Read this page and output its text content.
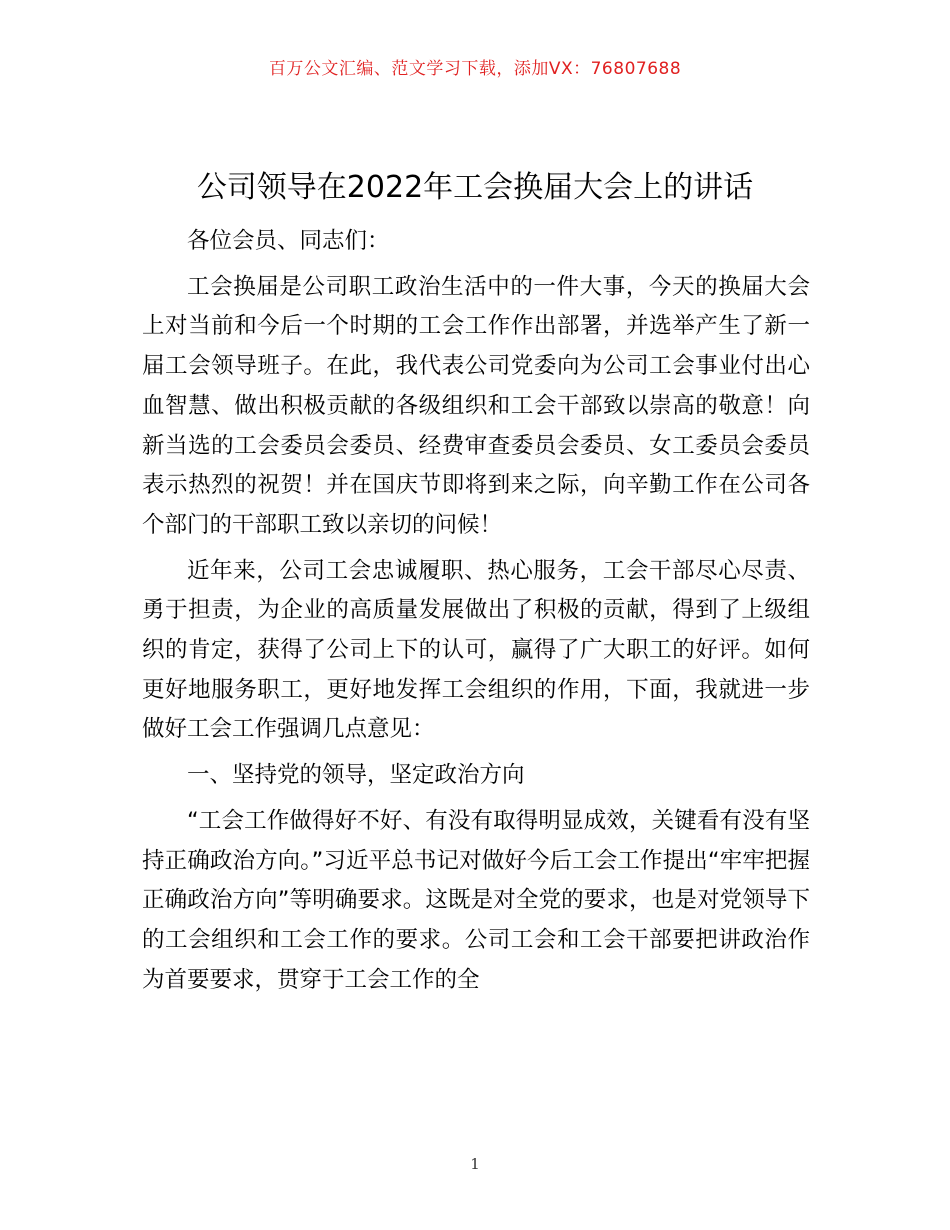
百万公文汇编、范文学习下载，添加VX：76807688
公司领导在2022年工会换届大会上的讲话

各位会员、同志们：

工会换届是公司职工政治生活中的一件大事，今天的换届大会上对当前和今后一个时期的工会工作作出部署，并选举产生了新一届工会领导班子。在此，我代表公司党委向为公司工会事业付出心血智慧、做出积极贡献的各级组织和工会干部致以崇高的敬意！向新当选的工会委员会委员、经费审查委员会委员、女工委员会委员表示热烈的祝贺！并在国庆节即将到来之际，向辛勤工作在公司各个部门的干部职工致以亲切的问候！

近年来，公司工会忠诚履职、热心服务，工会干部尽心尽责、勇于担责，为企业的高质量发展做出了积极的贡献，得到了上级组织的肯定，获得了公司上下的认可，赢得了广大职工的好评。如何更好地服务职工，更好地发挥工会组织的作用，下面，我就进一步做好工会工作强调几点意见：

一、坚持党的领导，坚定政治方向

“工会工作做得好不好、有没有取得明显成效，关键看有没有坚持正确政治方向。”习近平总书记对做好今后工会工作提出“牢牢把握正确政治方向”等明确要求。这既是对全党的要求，也是对党领导下的工会组织和工会工作的要求。公司工会和工会干部要把讲政治作为首要要求，贯穿于工会工作的全

1
